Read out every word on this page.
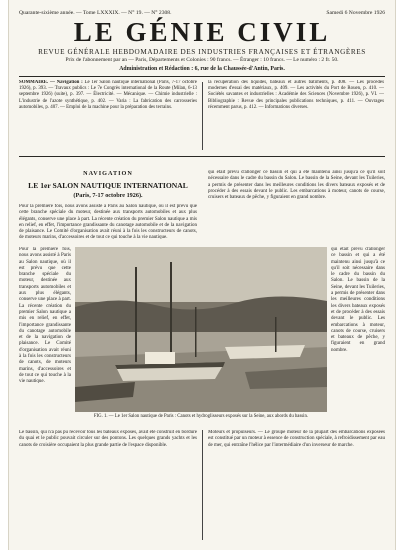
Quarante-sixième année. — Tome LXXXIX. — N° 19. — N° 2308.	Samedi 6 Novembre 1926
LE GÉNIE CIVIL
REVUE GÉNÉRALE HEBDOMADAIRE DES INDUSTRIES FRANÇAISES ET ÉTRANGÈRES
Prix de l'abonnement par an — Paris, Départements et Colonies : 90 francs. — Étranger : 10 francs. — Le numéro : 2 fr. 50.
Administration et Rédaction : 6, rue de la Chaussée-d'Antin, Paris.
SOMMAIRE. — Navigation : Le 1er Salon nautique international (Paris, 7-17 octobre 1926), p. 393. — Travaux publics : Le 7e Congrès international de la Route (Milan, 6-13 septembre 1926) (suite), p. 397. — Électricité. — Mécanique. — Chimie industrielle : L'industrie de l'azote synthétique, p. 402. — Varia : La fabrication des carrosseries automobiles, p. 407. — Emploi de la machine pour la préparation des terrains.
la récupération des liquides, bateaux et autres bâtiments, p. 408. — Les procédés modernes d'essai des matériaux, p. 409. — Les activités du Port de Rouen, p. 410. — Sociétés savantes et industrielles : Académie des Sciences (Novembre 1926), p. VI. — Bibliographie : Revue des principales publications techniques, p. 411. — Ouvrages récemment parus, p. 412. — Informations diverses.
NAVIGATION
LE 1er SALON NAUTIQUE INTERNATIONAL
(Paris, 7-17 octobre 1926).
Pour la première fois, nous avons assisté à Paris au Salon nautique, où il est prévu que cette branche spéciale du moteur, destinée aux transports automobiles et aux plus élégants, conserve une place à part. La récente création du premier Salon nautique a mis en relief, en effet, l'importance grandissante du canotage automobile et de la navigation de plaisance. Le Comité d'organisation avait réuni à la fois les constructeurs de canots, de moteurs marins, d'accessoires et de tout ce qui touche à la vie nautique.
qui était prévu d'allonger ce bassin et qui a été maintenu ainsi jusqu'à ce qu'il soit nécessaire dans le cadre du bassin du Salon. Le bassin de la Seine, devant les Tuileries, a permis de présenter dans les meilleures conditions les divers bateaux exposés et de procéder à des essais devant le public. Les embarcations à moteur, canots de course, cruisers et bateaux de pêche, y figuraient en grand nombre.
Pour la première fois, nous avons assisté à Paris au Salon nautique, où il est prévu que cette branche spéciale du moteur, destinée aux transports automobiles et aux plus élégants, conserve une place à part. La récente création du premier Salon nautique a mis en relief, en effet, l'importance grandissante du canotage automobile et de la navigation de plaisance. Le Comité d'organisation avait réuni à la fois les constructeurs de canots, de moteurs marins, d'accessoires et de tout ce qui touche à la vie nautique.
qui était prévu d'allonger ce bassin et qui a été maintenu ainsi jusqu'à ce qu'il soit nécessaire dans le cadre du bassin du Salon. Le bassin de la Seine, devant les Tuileries, a permis de présenter dans les meilleures conditions les divers bateaux exposés et de procéder à des essais devant le public. Les embarcations à moteur, canots de course, cruisers et bateaux de pêche, y figuraient en grand nombre.
FIG. 1. — Le 1er Salon nautique de Paris : Canots et hydroglisseurs exposés sur la Seine, aux abords du bassin.
Le bassin, qui n'a pas pu recevoir tous les bateaux exposés, avait été construit en bordure du quai et le public pouvait circuler sur des pontons. Les quelques grands yachts et les canots de croisière occupaient la plus grande partie de l'espace disponible.
Moteurs et propulseurs. — Le groupe moteur de la plupart des embarcations exposées est constitué par un moteur à essence de construction spéciale, à refroidissement par eau de mer, qui entraîne l'hélice par l'intermédiaire d'un inverseur de marche.
